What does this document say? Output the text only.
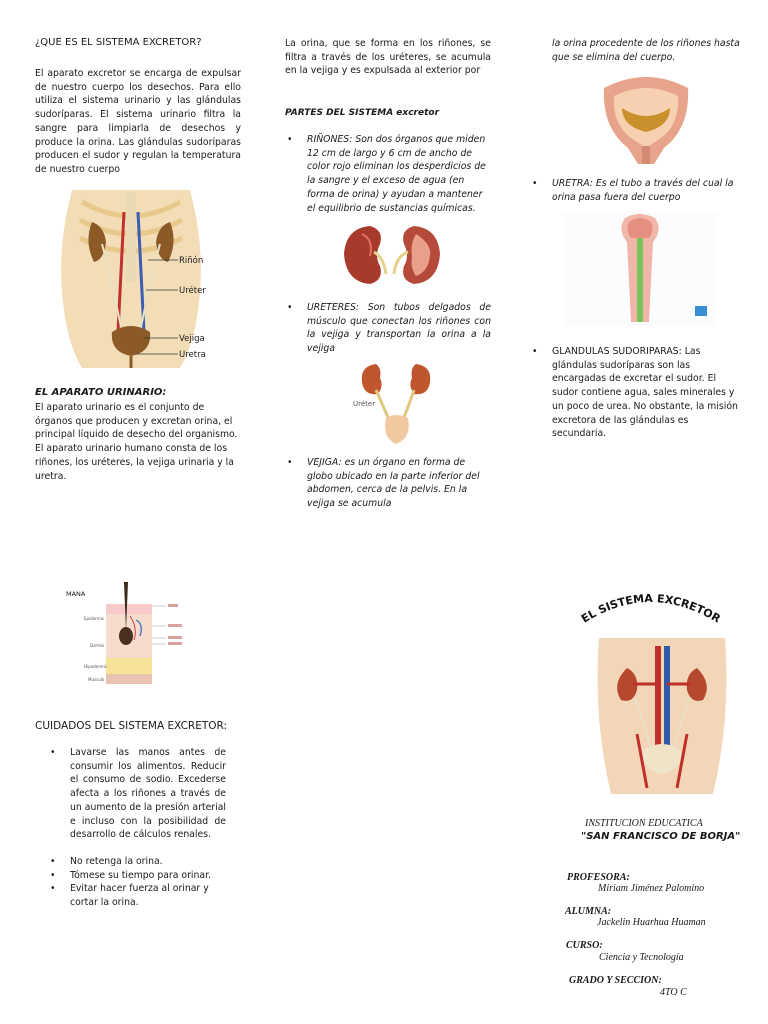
¿QUE ES EL SISTEMA EXCRETOR?
El aparato excretor se encarga de expulsar de nuestro cuerpo los desechos. Para ello utiliza el sistema urinario y las glándulas sudoríparas. El sistema urinario filtra la sangre para limpiarla de desechos y produce la orina. Las glándulas sudoríparas producen el sudor y regulan la temperatura de nuestro cuerpo
Riñón
Uréter
Vejiga
Uretra
EL APARATO URINARIO:
El aparato urinario es el conjunto de órganos que producen y excretan orina, el principal líquido de desecho del organismo. El aparato urinario humano consta de los riñones, los uréteres, la vejiga urinaria y la uretra.
MANA
Epidermis
Dermis
Hipodermis
Músculo
CUIDADOS DEL SISTEMA EXCRETOR:
• Lavarse las manos antes de consumir los alimentos. Reducir el consumo de sodio. Excederse afecta a los riñones a través de un aumento de la presión arterial e incluso con la posibilidad de desarrollo de cálculos renales.
• No retenga la orina.
• Tómese su tiempo para orinar.
• Evitar hacer fuerza al orinar y cortar la orina.
La orina, que se forma en los riñones, se filtra a través de los uréteres, se acumula en la vejiga y es expulsada al exterior por
PARTES DEL SISTEMA excretor
• RIÑONES: Son dos órganos que miden 12 cm de largo y 6 cm de ancho de color rojo eliminan los desperdicios de la sangre y el exceso de agua (en forma de orina) y ayudan a mantener el equilibrio de sustancias químicas.
• URETERES: Son tubos delgados de músculo que conectan los riñones con la vejiga y transportan la orina a la vejiga
Uréter
• VEJIGA: es un órgano en forma de globo ubicado en la parte inferior del abdomen, cerca de la pelvis. En la vejiga se acumula
la orina procedente de los riñones hasta que se elimina del cuerpo.
• URETRA: Es el tubo a través del cual la orina pasa fuera del cuerpo
• GLANDULAS SUDORIPARAS: Las glándulas sudoríparas son las encargadas de excretar el sudor. El sudor contiene agua, sales minerales y un poco de urea. No obstante, la misión excretora de las glándulas es secundaria.
EL SISTEMA EXCRETOR
INSTITUCION EDUCATICA
"SAN FRANCISCO DE BORJA"
PROFESORA:
Miriam Jiménez Palomino
ALUMNA:
Jackelin Huarhua Huaman
CURSO:
Ciencia y Tecnología
GRADO Y SECCION:
4TO C
